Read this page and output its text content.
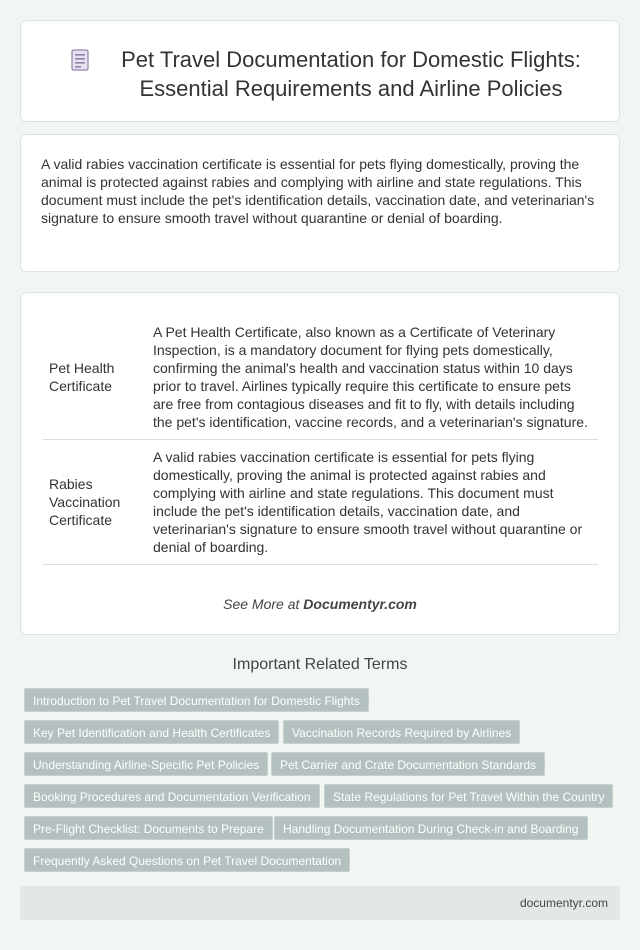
Pet Travel Documentation for Domestic Flights: Essential Requirements and Airline Policies

A valid rabies vaccination certificate is essential for pets flying domestically, proving the animal is protected against rabies and complying with airline and state regulations. This document must include the pet's identification details, vaccination date, and veterinarian's signature to ensure smooth travel without quarantine or denial of boarding.

Pet Health Certificate	A Pet Health Certificate, also known as a Certificate of Veterinary Inspection, is a mandatory document for flying pets domestically, confirming the animal's health and vaccination status within 10 days prior to travel. Airlines typically require this certificate to ensure pets are free from contagious diseases and fit to fly, with details including the pet's identification, vaccine records, and a veterinarian's signature.
Rabies Vaccination Certificate	A valid rabies vaccination certificate is essential for pets flying domestically, proving the animal is protected against rabies and complying with airline and state regulations. This document must include the pet's identification details, vaccination date, and veterinarian's signature to ensure smooth travel without quarantine or denial of boarding.
See More at Documentyr.com
Important Related Terms
Introduction to Pet Travel Documentation for Domestic Flights
Key Pet Identification and Health Certificates	Vaccination Records Required by Airlines
Understanding Airline-Specific Pet Policies	Pet Carrier and Crate Documentation Standards
Booking Procedures and Documentation Verification	State Regulations for Pet Travel Within the Country
Pre-Flight Checklist: Documents to Prepare	Handling Documentation During Check-in and Boarding
Frequently Asked Questions on Pet Travel Documentation
documentyr.com
